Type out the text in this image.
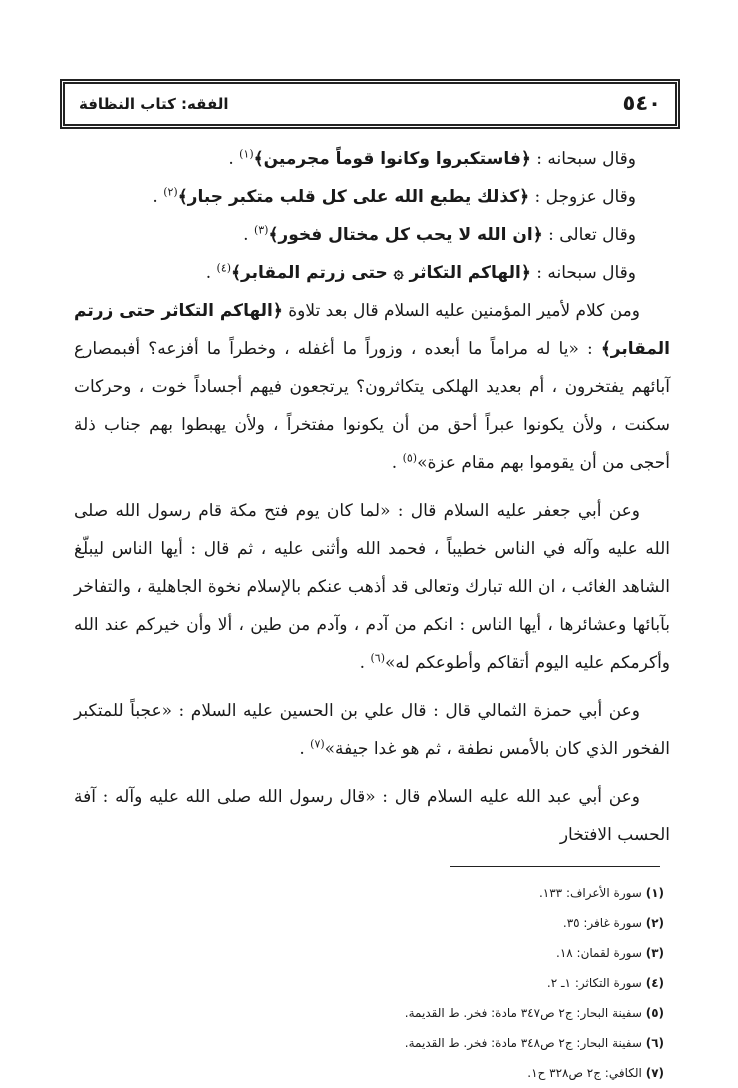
٥٤٠
الفقه: كتاب النظافة

وقال سبحانه : ﴿فاستكبروا وكانوا قوماً مجرمين﴾$^{(١)}$ .

وقال عزوجل : ﴿كذلك يطبع الله على كل قلب متكبر جبار﴾$^{(٢)}$ .

وقال تعالى : ﴿ان الله لا يحب كل مختال فخور﴾$^{(٣)}$ .

وقال سبحانه : ﴿الهاكم التكاثر ۞ حتى زرتم المقابر﴾$^{(٤)}$ .

ومن كلام لأمير المؤمنين عليه السلام قال بعد تلاوة ﴿الهاكم التكاثر حتى زرتم المقابر﴾ : «يا له مراماً ما أبعده ، وزوراً ما أغفله ، وخطراً ما أفزعه؟ أفبمصارع آبائهم يفتخرون ، أم بعديد الهلكى يتكاثرون؟ يرتجعون فيهم أجساداً خوت ، وحركات سكنت ، ولأن يكونوا عبراً أحق من أن يكونوا مفتخراً ، ولأن يهبطوا بهم جناب ذلة أحجى من أن يقوموا بهم مقام عزة»$^{(٥)}$ .

وعن أبي جعفر عليه السلام قال : «لما كان يوم فتح مكة قام رسول الله صلى الله عليه وآله في الناس خطيباً ، فحمد الله وأثنى عليه ، ثم قال : أيها الناس ليبلّغ الشاهد الغائب ، ان الله تبارك وتعالى قد أذهب عنكم بالإسلام نخوة الجاهلية ، والتفاخر بآبائها وعشائرها ، أيها الناس : انكم من آدم ، وآدم من طين ، ألا وأن خيركم عند الله وأكرمكم عليه اليوم أتقاكم وأطوعكم له»$^{(٦)}$ .

وعن أبي حمزة الثمالي قال : قال علي بن الحسين عليه السلام : «عجباً للمتكبر الفخور الذي كان بالأمس نطفة ، ثم هو غدا جيفة»$^{(٧)}$ .

وعن أبي عبد الله عليه السلام قال : «قال رسول الله صلى الله عليه وآله : آفة الحسب الافتخار

(١) سورة الأعراف: ١٣٣.
(٢) سورة غافر: ٣٥.
(٣) سورة لقمان: ١٨.
(٤) سورة التكاثر: ١ـ ٢.
(٥) سفينة البحار: ج٢ ص٣٤٧ مادة: فخر. ط القديمة.
(٦) سفينة البحار: ج٢ ص٣٤٨ مادة: فخر. ط القديمة.
(٧) الكافي: ج٢ ص٣٢٨ ح١.
